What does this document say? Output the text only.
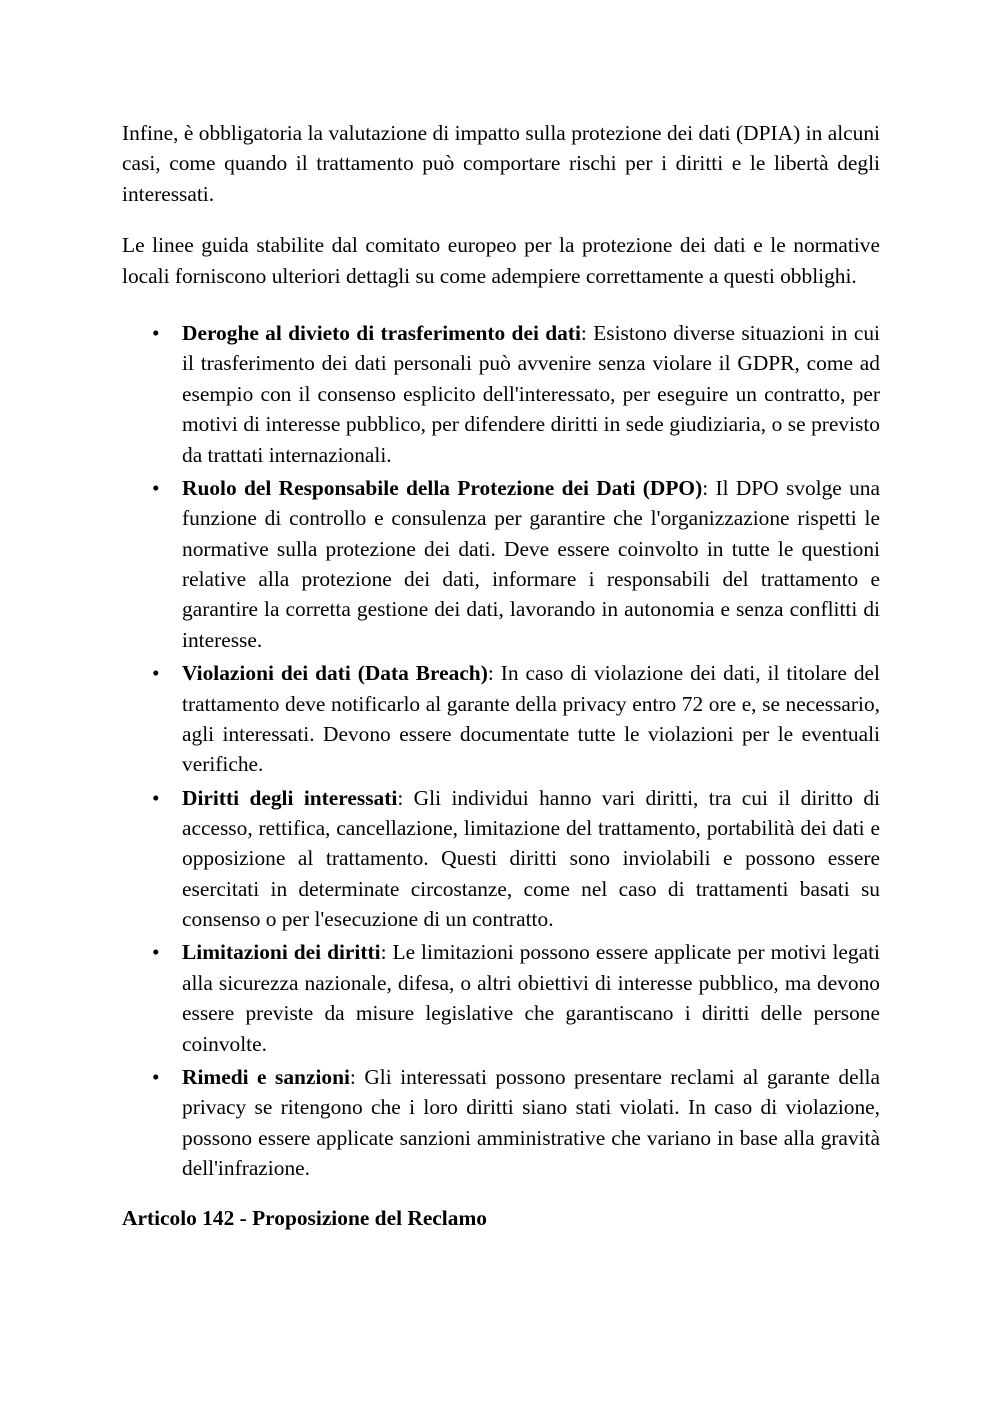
Infine, è obbligatoria la valutazione di impatto sulla protezione dei dati (DPIA) in alcuni casi, come quando il trattamento può comportare rischi per i diritti e le libertà degli interessati.

Le linee guida stabilite dal comitato europeo per la protezione dei dati e le normative locali forniscono ulteriori dettagli su come adempiere correttamente a questi obblighi.

•	Deroghe al divieto di trasferimento dei dati: Esistono diverse situazioni in cui il trasferimento dei dati personali può avvenire senza violare il GDPR, come ad esempio con il consenso esplicito dell'interessato, per eseguire un contratto, per motivi di interesse pubblico, per difendere diritti in sede giudiziaria, o se previsto da trattati internazionali.
•	Ruolo del Responsabile della Protezione dei Dati (DPO): Il DPO svolge una funzione di controllo e consulenza per garantire che l'organizzazione rispetti le normative sulla protezione dei dati. Deve essere coinvolto in tutte le questioni relative alla protezione dei dati, informare i responsabili del trattamento e garantire la corretta gestione dei dati, lavorando in autonomia e senza conflitti di interesse.
•	Violazioni dei dati (Data Breach): In caso di violazione dei dati, il titolare del trattamento deve notificarlo al garante della privacy entro 72 ore e, se necessario, agli interessati. Devono essere documentate tutte le violazioni per le eventuali verifiche.
•	Diritti degli interessati: Gli individui hanno vari diritti, tra cui il diritto di accesso, rettifica, cancellazione, limitazione del trattamento, portabilità dei dati e opposizione al trattamento. Questi diritti sono inviolabili e possono essere esercitati in determinate circostanze, come nel caso di trattamenti basati su consenso o per l'esecuzione di un contratto.
•	Limitazioni dei diritti: Le limitazioni possono essere applicate per motivi legati alla sicurezza nazionale, difesa, o altri obiettivi di interesse pubblico, ma devono essere previste da misure legislative che garantiscano i diritti delle persone coinvolte.
•	Rimedi e sanzioni: Gli interessati possono presentare reclami al garante della privacy se ritengono che i loro diritti siano stati violati. In caso di violazione, possono essere applicate sanzioni amministrative che variano in base alla gravità dell'infrazione.
Articolo 142 - Proposizione del Reclamo
